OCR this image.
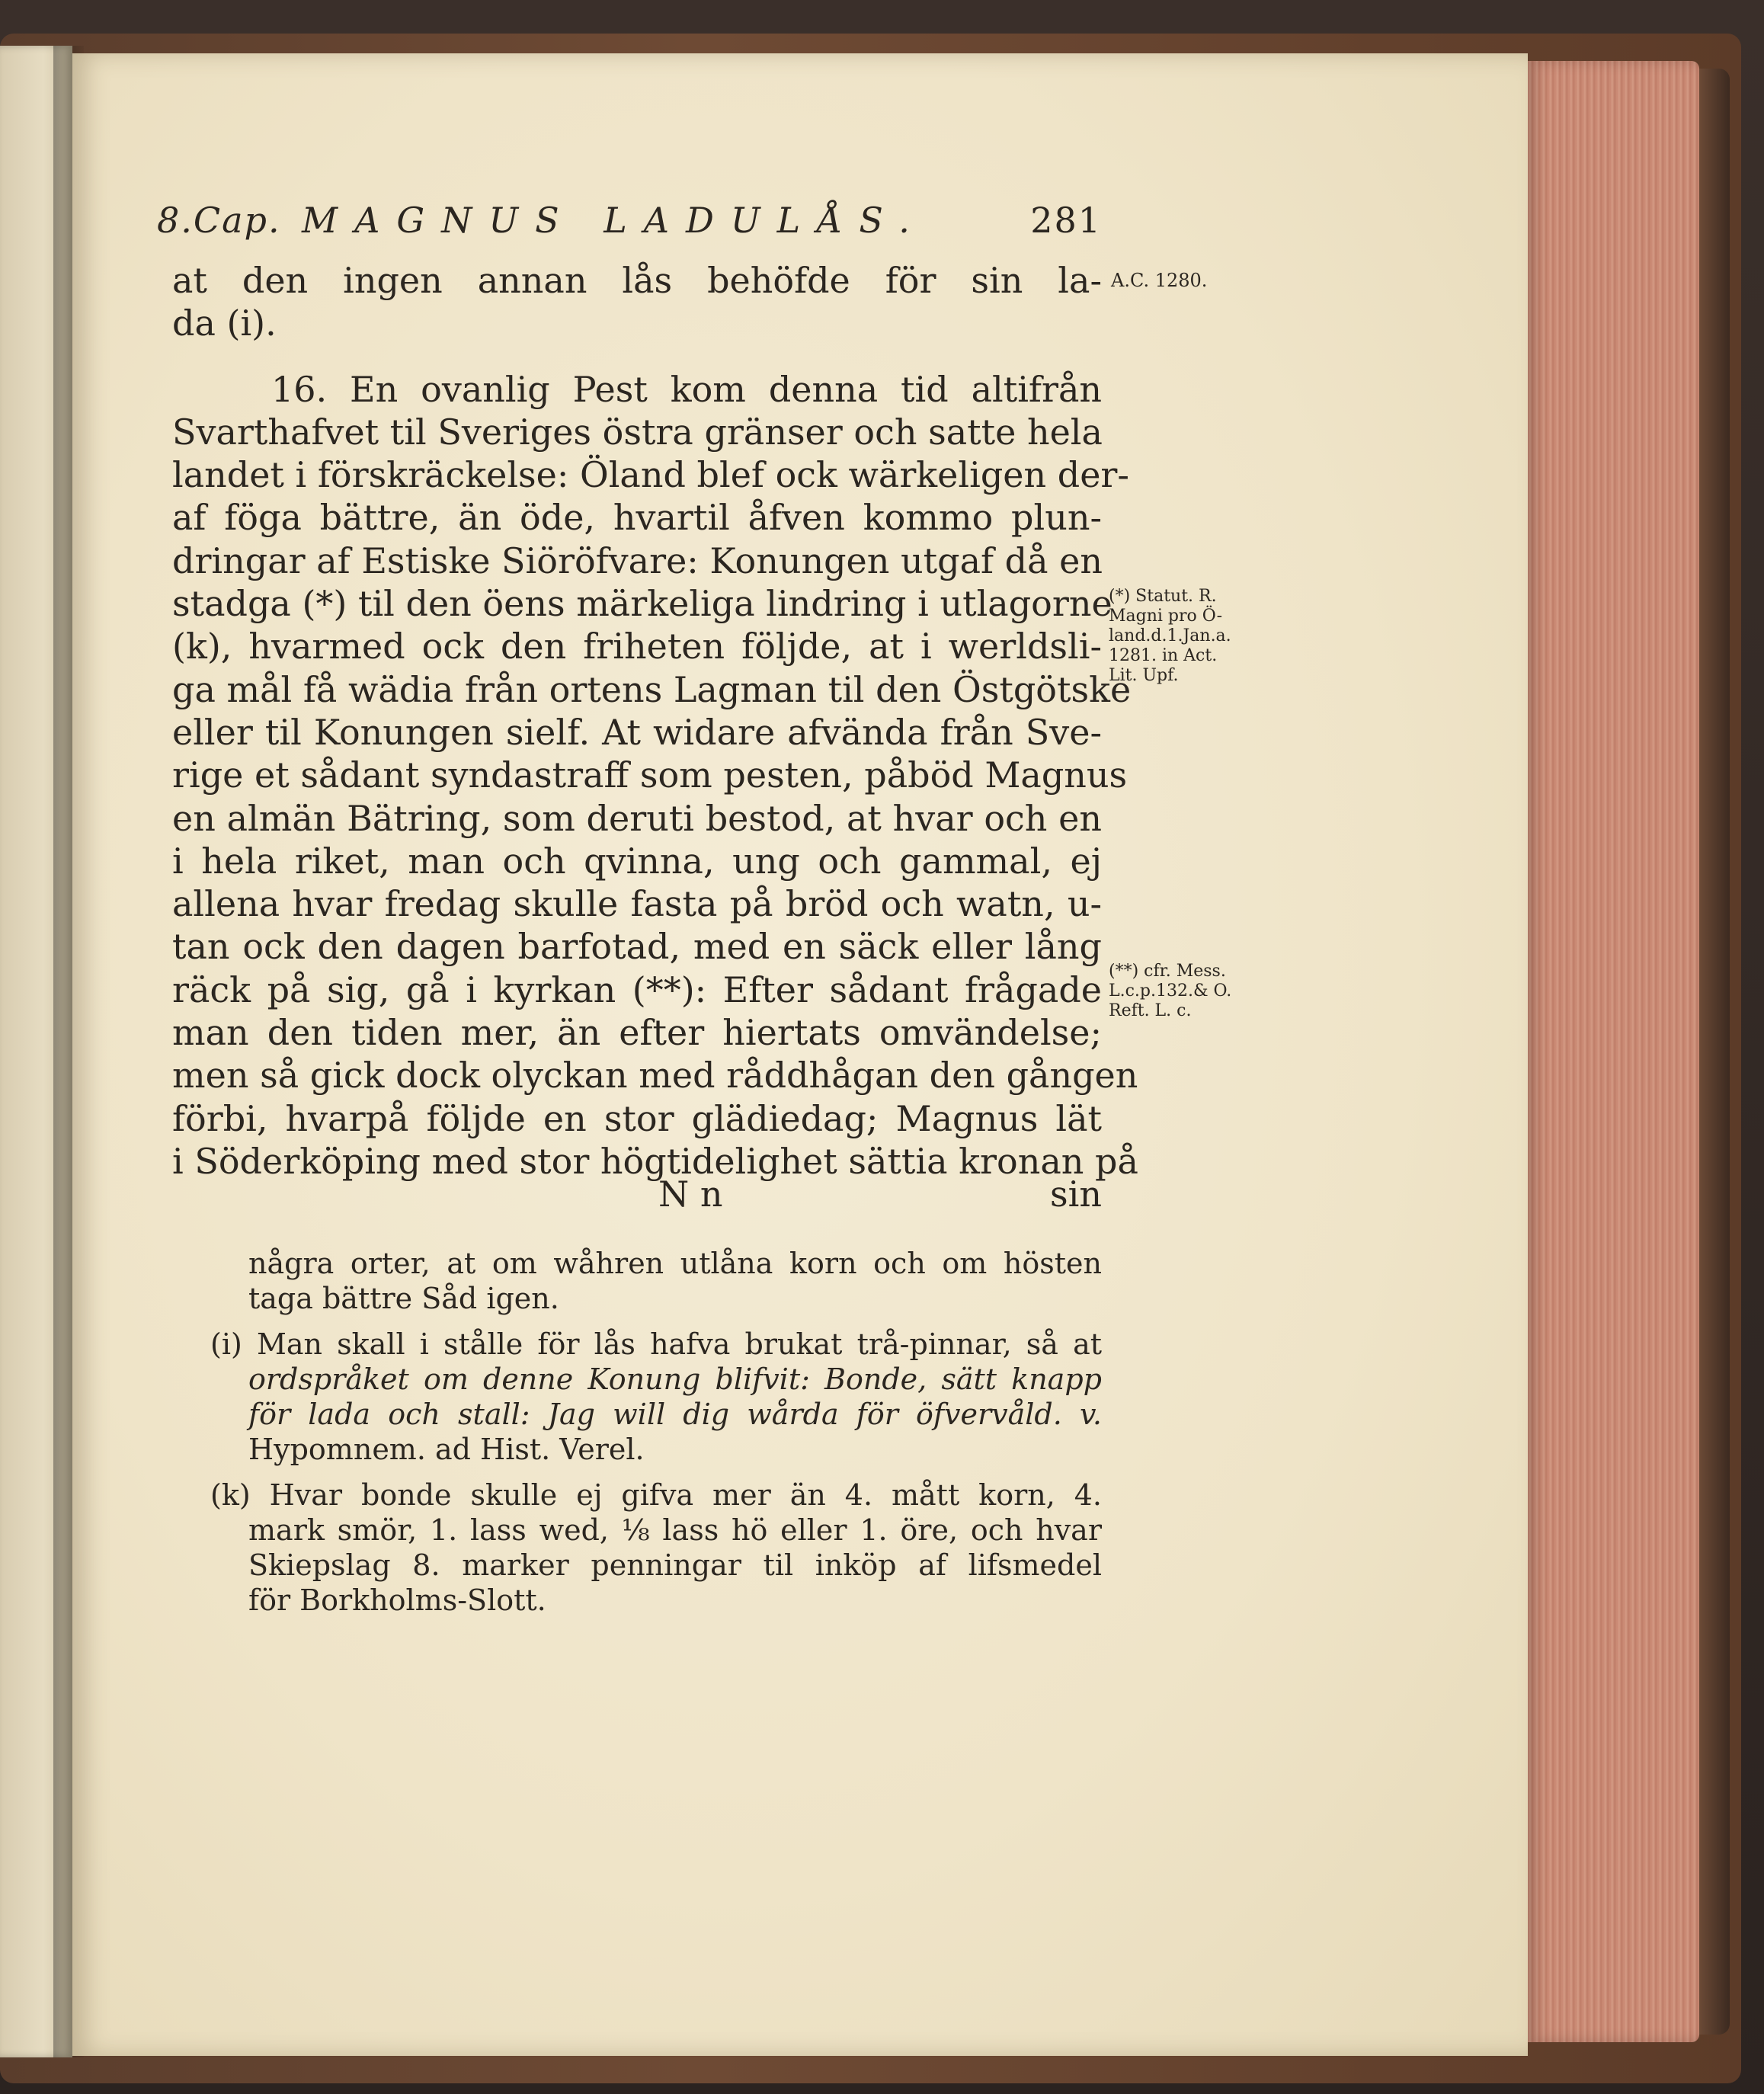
8.Cap. MAGNUS LADULÅS.	281
A.C. 1280.
(*) Statut. R.
Magni pro Ö-
land.d.1.Jan.a.
1281. in Act.
Lit. Upf.
(**) cfr. Mess.
L.c.p.132.& O.
Reft. L. c.
at den ingen annan lås behöfde för sin la-
da (i).
16. En ovanlig Pest kom denna tid altifrån
Svarthafvet til Sveriges östra gränser och satte hela
landet i förskräckelse: Öland blef ock wärkeligen der-
af föga bättre, än öde, hvartil åfven kommo plun-
dringar af Estiske Siöröfvare: Konungen utgaf då en
stadga (*) til den öens märkeliga lindring i utlagorne
(k), hvarmed ock den friheten följde, at i werldsli-
ga mål få wädia från ortens Lagman til den Östgötske
eller til Konungen sielf. At widare afvända från Sve-
rige et sådant syndastraff som pesten, påböd Magnus
en almän Bätring, som deruti bestod, at hvar och en
i hela riket, man och qvinna, ung och gammal, ej
allena hvar fredag skulle fasta på bröd och watn, u-
tan ock den dagen barfotad, med en säck eller lång
räck på sig, gå i kyrkan (**): Efter sådant frågade
man den tiden mer, än efter hiertats omvändelse;
men så gick dock olyckan med råddhågan den gången
förbi, hvarpå följde en stor glädiedag; Magnus lät
i Söderköping med stor högtidelighet sättia kronan på
N n	sin
några orter, at om wåhren utlåna korn och om hösten
taga bättre Såd igen.
(i) Man skall i stålle för lås hafva brukat trå-pinnar, så at
ordspråket om denne Konung blifvit: Bonde, sätt knapp
för lada och stall: Jag will dig wårda för öfvervåld. v.
Hypomnem. ad Hist. Verel.
(k) Hvar bonde skulle ej gifva mer än 4. mått korn, 4.
mark smör, 1. lass wed, ⅛ lass hö eller 1. öre, och hvar
Skiepslag 8. marker penningar til inköp af lifsmedel
för Borkholms-Slott.
